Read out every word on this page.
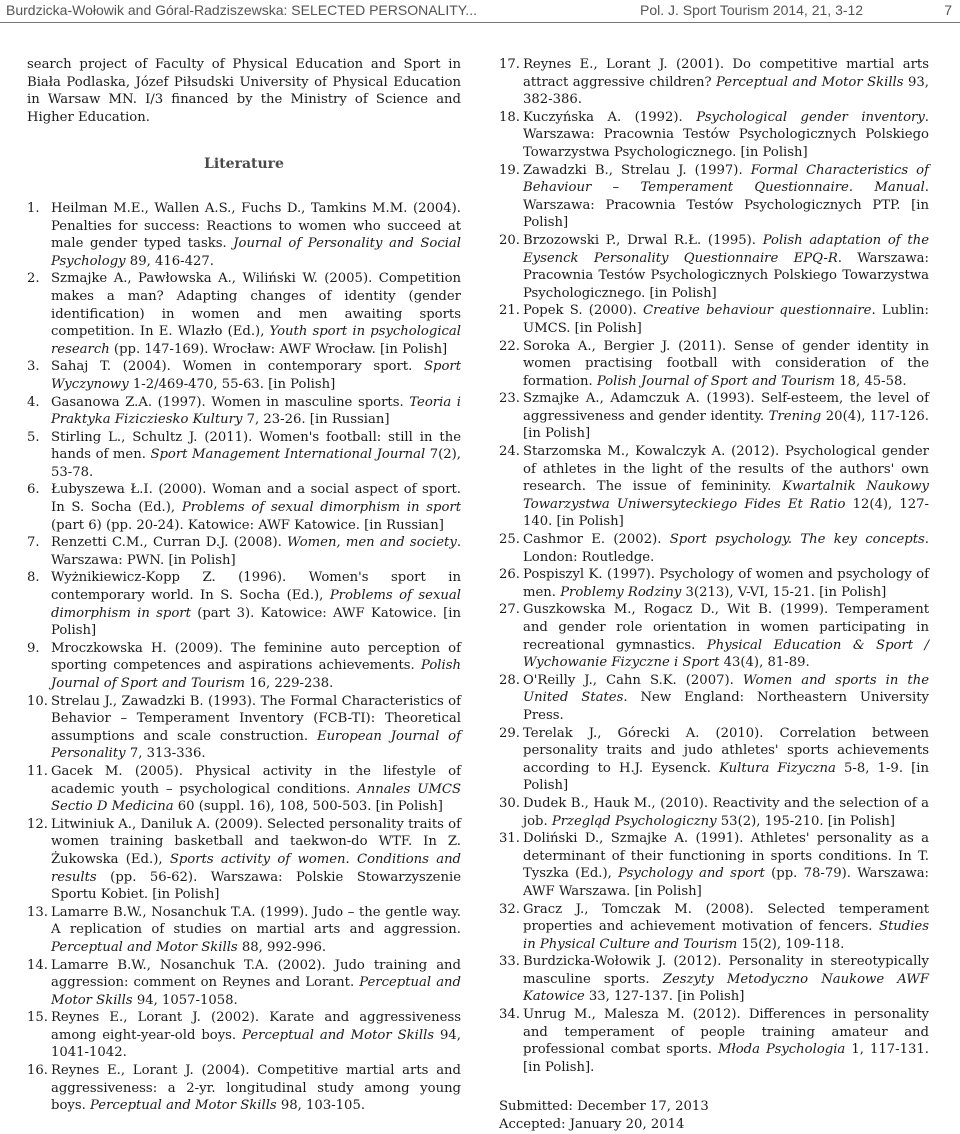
Burdzicka-Wołowik and Góral-Radziszewska: SELECTED PERSONALITY...	Pol. J. Sport Tourism 2014, 21, 3-12	7

search project of Faculty of Physical Education and Sport in Biała Podlaska, Józef Piłsudski University of Physical Education in Warsaw MN. I/3 financed by the Ministry of Science and Higher Education.

Literature
1. Heilman M.E., Wallen A.S., Fuchs D., Tamkins M.M. (2004). Penalties for success: Reactions to women who succeed at male gender typed tasks. Journal of Personality and Social Psychology 89, 416-427.
2. Szmajke A., Pawłowska A., Wiliński W. (2005). Competition makes a man? Adapting changes of identity (gender identification) in women and men awaiting sports competition. In E. Wlazło (Ed.), Youth sport in psychological research (pp. 147-169). Wrocław: AWF Wrocław. [in Polish]
3. Sahaj T. (2004). Women in contemporary sport. Sport Wyczynowy 1-2/469-470, 55-63. [in Polish]
4. Gasanowa Z.A. (1997). Women in masculine sports. Teoria i Praktyka Fizicziesko Kultury 7, 23-26. [in Russian]
5. Stirling L., Schultz J. (2011). Women's football: still in the hands of men. Sport Management International Journal 7(2), 53-78.
6. Łubyszewa Ł.I. (2000). Woman and a social aspect of sport. In S. Socha (Ed.), Problems of sexual dimorphism in sport (part 6) (pp. 20-24). Katowice: AWF Katowice. [in Russian]
7. Renzetti C.M., Curran D.J. (2008). Women, men and society. Warszawa: PWN. [in Polish]
8. Wyżnikiewicz-Kopp Z. (1996). Women's sport in contemporary world. In S. Socha (Ed.), Problems of sexual dimorphism in sport (part 3). Katowice: AWF Katowice. [in Polish]
9. Mroczkowska H. (2009). The feminine auto perception of sporting competences and aspirations achievements. Polish Journal of Sport and Tourism 16, 229-238.
10. Strelau J., Zawadzki B. (1993). The Formal Characteristics of Behavior – Temperament Inventory (FCB-TI): Theoretical assumptions and scale construction. European Journal of Personality 7, 313-336.
11. Gacek M. (2005). Physical activity in the lifestyle of academic youth – psychological conditions. Annales UMCS Sectio D Medicina 60 (suppl. 16), 108, 500-503. [in Polish]
12. Litwiniuk A., Daniluk A. (2009). Selected personality traits of women training basketball and taekwon-do WTF. In Z. Żukowska (Ed.), Sports activity of women. Conditions and results (pp. 56-62). Warszawa: Polskie Stowarzyszenie Sportu Kobiet. [in Polish]
13. Lamarre B.W., Nosanchuk T.A. (1999). Judo – the gentle way. A replication of studies on martial arts and aggression. Perceptual and Motor Skills 88, 992-996.
14. Lamarre B.W., Nosanchuk T.A. (2002). Judo training and aggression: comment on Reynes and Lorant. Perceptual and Motor Skills 94, 1057-1058.
15. Reynes E., Lorant J. (2002). Karate and aggressiveness among eight-year-old boys. Perceptual and Motor Skills 94, 1041-1042.
16. Reynes E., Lorant J. (2004). Competitive martial arts and aggressiveness: a 2-yr. longitudinal study among young boys. Perceptual and Motor Skills 98, 103-105.
17. Reynes E., Lorant J. (2001). Do competitive martial arts attract aggressive children? Perceptual and Motor Skills 93, 382-386.
18. Kuczyńska A. (1992). Psychological gender inventory. Warszawa: Pracownia Testów Psychologicznych Polskiego Towarzystwa Psychologicznego. [in Polish]
19. Zawadzki B., Strelau J. (1997). Formal Characteristics of Behaviour – Temperament Questionnaire. Manual. Warszawa: Pracownia Testów Psychologicznych PTP. [in Polish]
20. Brzozowski P., Drwal R.Ł. (1995). Polish adaptation of the Eysenck Personality Questionnaire EPQ-R. Warszawa: Pracownia Testów Psychologicznych Polskiego Towarzystwa Psychologicznego. [in Polish]
21. Popek S. (2000). Creative behaviour questionnaire. Lublin: UMCS. [in Polish]
22. Soroka A., Bergier J. (2011). Sense of gender identity in women practising football with consideration of the formation. Polish Journal of Sport and Tourism 18, 45-58.
23. Szmajke A., Adamczuk A. (1993). Self-esteem, the level of aggressiveness and gender identity. Trening 20(4), 117-126. [in Polish]
24. Starzomska M., Kowalczyk A. (2012). Psychological gender of athletes in the light of the results of the authors' own research. The issue of femininity. Kwartalnik Naukowy Towarzystwa Uniwersyteckiego Fides Et Ratio 12(4), 127-140. [in Polish]
25. Cashmor E. (2002). Sport psychology. The key concepts. London: Routledge.
26. Pospiszyl K. (1997). Psychology of women and psychology of men. Problemy Rodziny 3(213), V-VI, 15-21. [in Polish]
27. Guszkowska M., Rogacz D., Wit B. (1999). Temperament and gender role orientation in women participating in recreational gymnastics. Physical Education & Sport / Wychowanie Fizyczne i Sport 43(4), 81-89.
28. O'Reilly J., Cahn S.K. (2007). Women and sports in the United States. New England: Northeastern University Press.
29. Terelak J., Górecki A. (2010). Correlation between personality traits and judo athletes' sports achievements according to H.J. Eysenck. Kultura Fizyczna 5-8, 1-9. [in Polish]
30. Dudek B., Hauk M., (2010). Reactivity and the selection of a job. Przegląd Psychologiczny 53(2), 195-210. [in Polish]
31. Doliński D., Szmajke A. (1991). Athletes' personality as a determinant of their functioning in sports conditions. In T. Tyszka (Ed.), Psychology and sport (pp. 78-79). Warszawa: AWF Warszawa. [in Polish]
32. Gracz J., Tomczak M. (2008). Selected temperament properties and achievement motivation of fencers. Studies in Physical Culture and Tourism 15(2), 109-118.
33. Burdzicka-Wołowik J. (2012). Personality in stereotypically masculine sports. Zeszyty Metodyczno Naukowe AWF Katowice 33, 127-137. [in Polish]
34. Unrug M., Malesza M. (2012). Differences in personality and temperament of people training amateur and professional combat sports. Młoda Psychologia 1, 117-131. [in Polish].
Submitted: December 17, 2013
Accepted: January 20, 2014
